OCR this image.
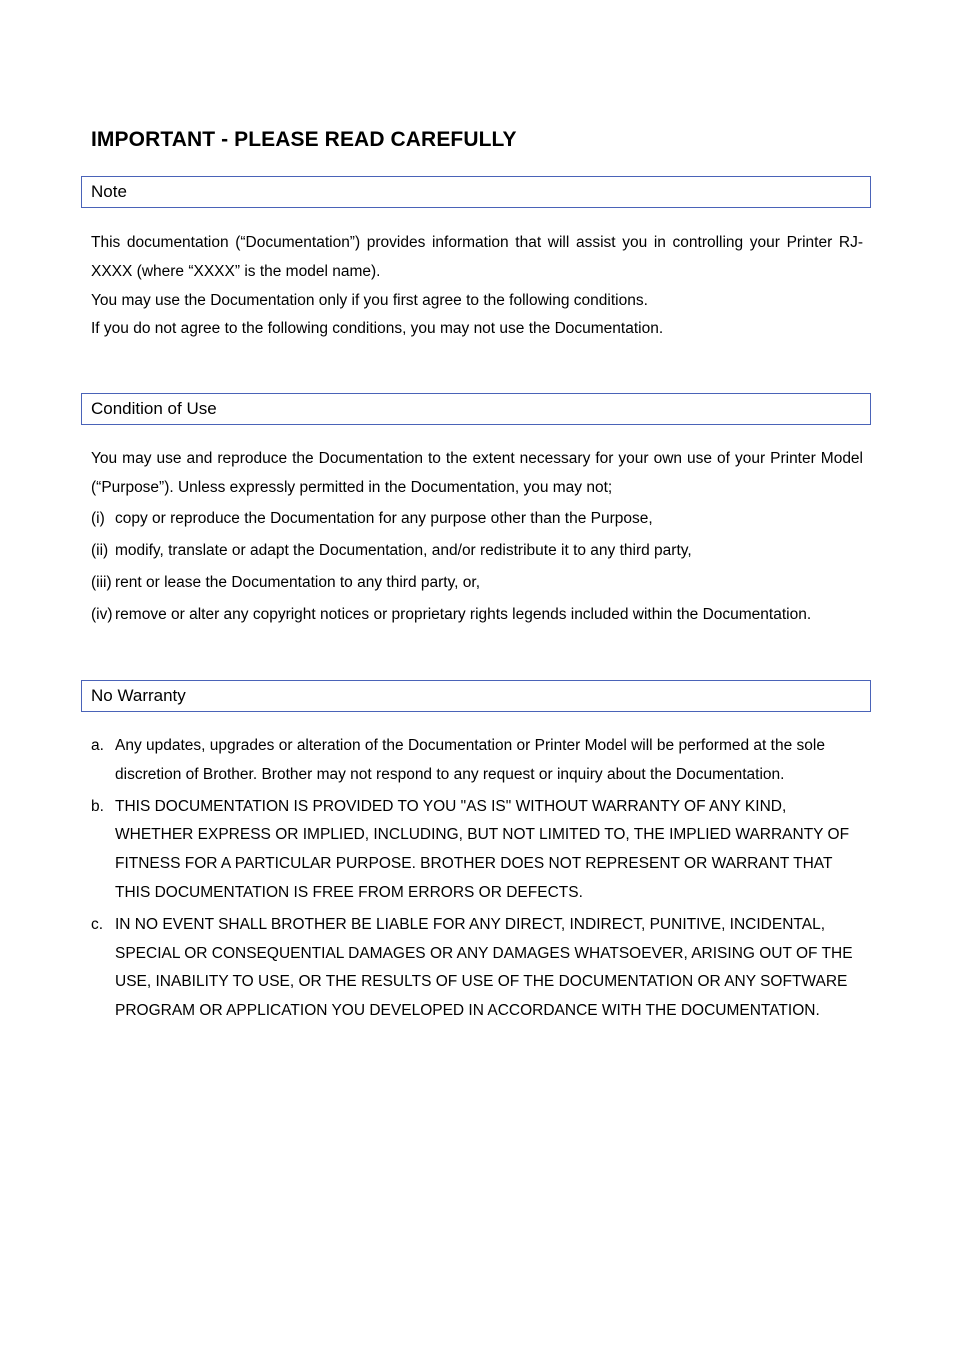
IMPORTANT - PLEASE READ CAREFULLY
Note

This documentation (“Documentation”) provides information that will assist you in controlling your Printer RJ-XXXX (where “XXXX” is the model name).

You may use the Documentation only if you first agree to the following conditions.

If you do not agree to the following conditions, you may not use the Documentation.

Condition of Use

You may use and reproduce the Documentation to the extent necessary for your own use of your Printer Model (“Purpose”). Unless expressly permitted in the Documentation, you may not;

(i) copy or reproduce the Documentation for any purpose other than the Purpose,
(ii) modify, translate or adapt the Documentation, and/or redistribute it to any third party,
(iii) rent or lease the Documentation to any third party, or,
(iv) remove or alter any copyright notices or proprietary rights legends included within the Documentation.
No Warranty
a. Any updates, upgrades or alteration of the Documentation or Printer Model will be performed at the sole discretion of Brother. Brother may not respond to any request or inquiry about the Documentation.
b. THIS DOCUMENTATION IS PROVIDED TO YOU "AS IS" WITHOUT WARRANTY OF ANY KIND, WHETHER EXPRESS OR IMPLIED, INCLUDING, BUT NOT LIMITED TO, THE IMPLIED WARRANTY OF FITNESS FOR A PARTICULAR PURPOSE. BROTHER DOES NOT REPRESENT OR WARRANT THAT THIS DOCUMENTATION IS FREE FROM ERRORS OR DEFECTS.
c. IN NO EVENT SHALL BROTHER BE LIABLE FOR ANY DIRECT, INDIRECT, PUNITIVE, INCIDENTAL, SPECIAL OR CONSEQUENTIAL DAMAGES OR ANY DAMAGES WHATSOEVER, ARISING OUT OF THE USE, INABILITY TO USE, OR THE RESULTS OF USE OF THE DOCUMENTATION OR ANY SOFTWARE PROGRAM OR APPLICATION YOU DEVELOPED IN ACCORDANCE WITH THE DOCUMENTATION.
